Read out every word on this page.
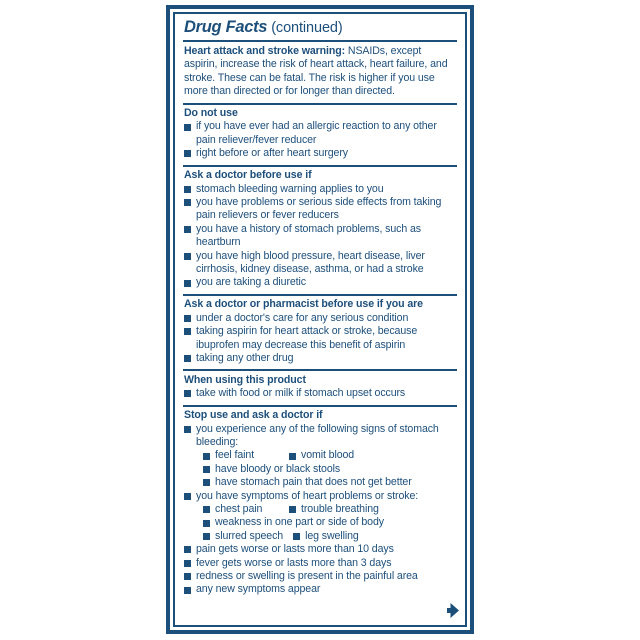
Drug Facts (continued)

Heart attack and stroke warning: NSAIDs, except aspirin, increase the risk of heart attack, heart failure, and stroke. These can be fatal. The risk is higher if you use more than directed or for longer than directed.

Do not use
if you have ever had an allergic reaction to any other pain reliever/fever reducer
right before or after heart surgery
Ask a doctor before use if
stomach bleeding warning applies to you
you have problems or serious side effects from taking pain relievers or fever reducers
you have a history of stomach problems, such as heartburn
you have high blood pressure, heart disease, liver cirrhosis, kidney disease, asthma, or had a stroke
you are taking a diuretic
Ask a doctor or pharmacist before use if you are
under a doctor's care for any serious condition
taking aspirin for heart attack or stroke, because ibuprofen may decrease this benefit of aspirin
taking any other drug
When using this product
take with food or milk if stomach upset occurs
Stop use and ask a doctor if
you experience any of the following signs of stomach bleeding:
feel faint	vomit blood
have bloody or black stools
have stomach pain that does not get better
you have symptoms of heart problems or stroke:
chest pain	trouble breathing
weakness in one part or side of body
slurred speech leg swelling
pain gets worse or lasts more than 10 days
fever gets worse or lasts more than 3 days
redness or swelling is present in the painful area
any new symptoms appear
